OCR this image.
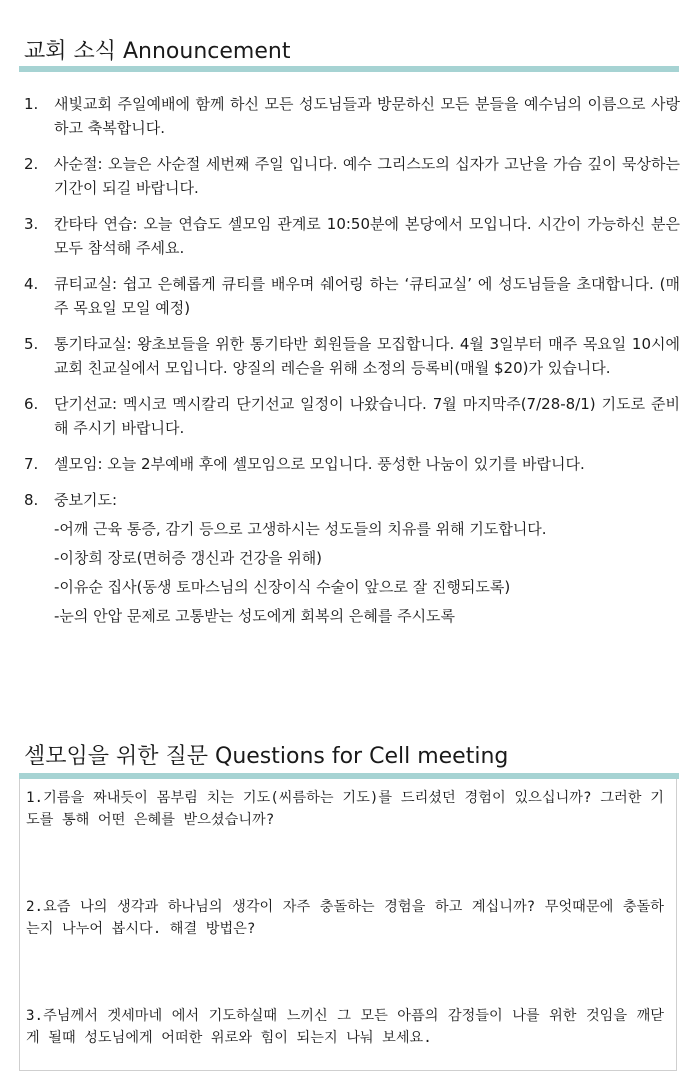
교회 소식 Announcement
1.	새빛교회 주일예배에 함께 하신 모든 성도님들과 방문하신 모든 분들을 예수님의 이름으로 사랑하고 축복합니다.
2.	사순절: 오늘은 사순절 세번째 주일 입니다. 예수 그리스도의 십자가 고난을 가슴 깊이 묵상하는 기간이 되길 바랍니다.
3.	칸타타 연습: 오늘 연습도 셀모임 관계로 10:50분에 본당에서 모입니다. 시간이 가능하신 분은 모두 참석해 주세요.
4.	큐티교실: 쉽고 은혜롭게 큐티를 배우며 쉐어링 하는 ‘큐티교실’ 에 성도님들을 초대합니다. (매주 목요일 모일 예정)
5.	통기타교실: 왕초보들을 위한 통기타반 회원들을 모집합니다. 4월 3일부터 매주 목요일 10시에 교회 친교실에서 모입니다. 양질의 레슨을 위해 소정의 등록비(매월 $20)가 있습니다.
6.	단기선교: 멕시코 멕시칼리 단기선교 일정이 나왔습니다. 7월 마지막주(7/28-8/1) 기도로 준비해 주시기 바랍니다.
7.	셀모임: 오늘 2부예배 후에 셀모임으로 모입니다. 풍성한 나눔이 있기를 바랍니다.
8.	중보기도:
-어깨 근육 통증, 감기 등으로 고생하시는 성도들의 치유를 위해 기도합니다.
-이창희 장로(면허증 갱신과 건강을 위해)
-이유순 집사(동생 토마스님의 신장이식 수술이 앞으로 잘 진행되도록)
-눈의 안압 문제로 고통받는 성도에게 회복의 은혜를 주시도록
셀모임을 위한 질문 Questions for Cell meeting

1.기름을 짜내듯이 몸부림 치는 기도(씨름하는 기도)를 드리셨던 경험이 있으십니까? 그러한 기도를 통해 어떤 은혜를 받으셨습니까?

2.요즘 나의 생각과 하나님의 생각이 자주 충돌하는 경험을 하고 계십니까? 무엇때문에 충돌하는지 나누어 봅시다. 해결 방법은?

3.주님께서 겟세마네 에서 기도하실때 느끼신 그 모든 아픔의 감정들이 나를 위한 것임을 깨닫게 될때 성도님에게 어떠한 위로와 힘이 되는지 나눠 보세요.
